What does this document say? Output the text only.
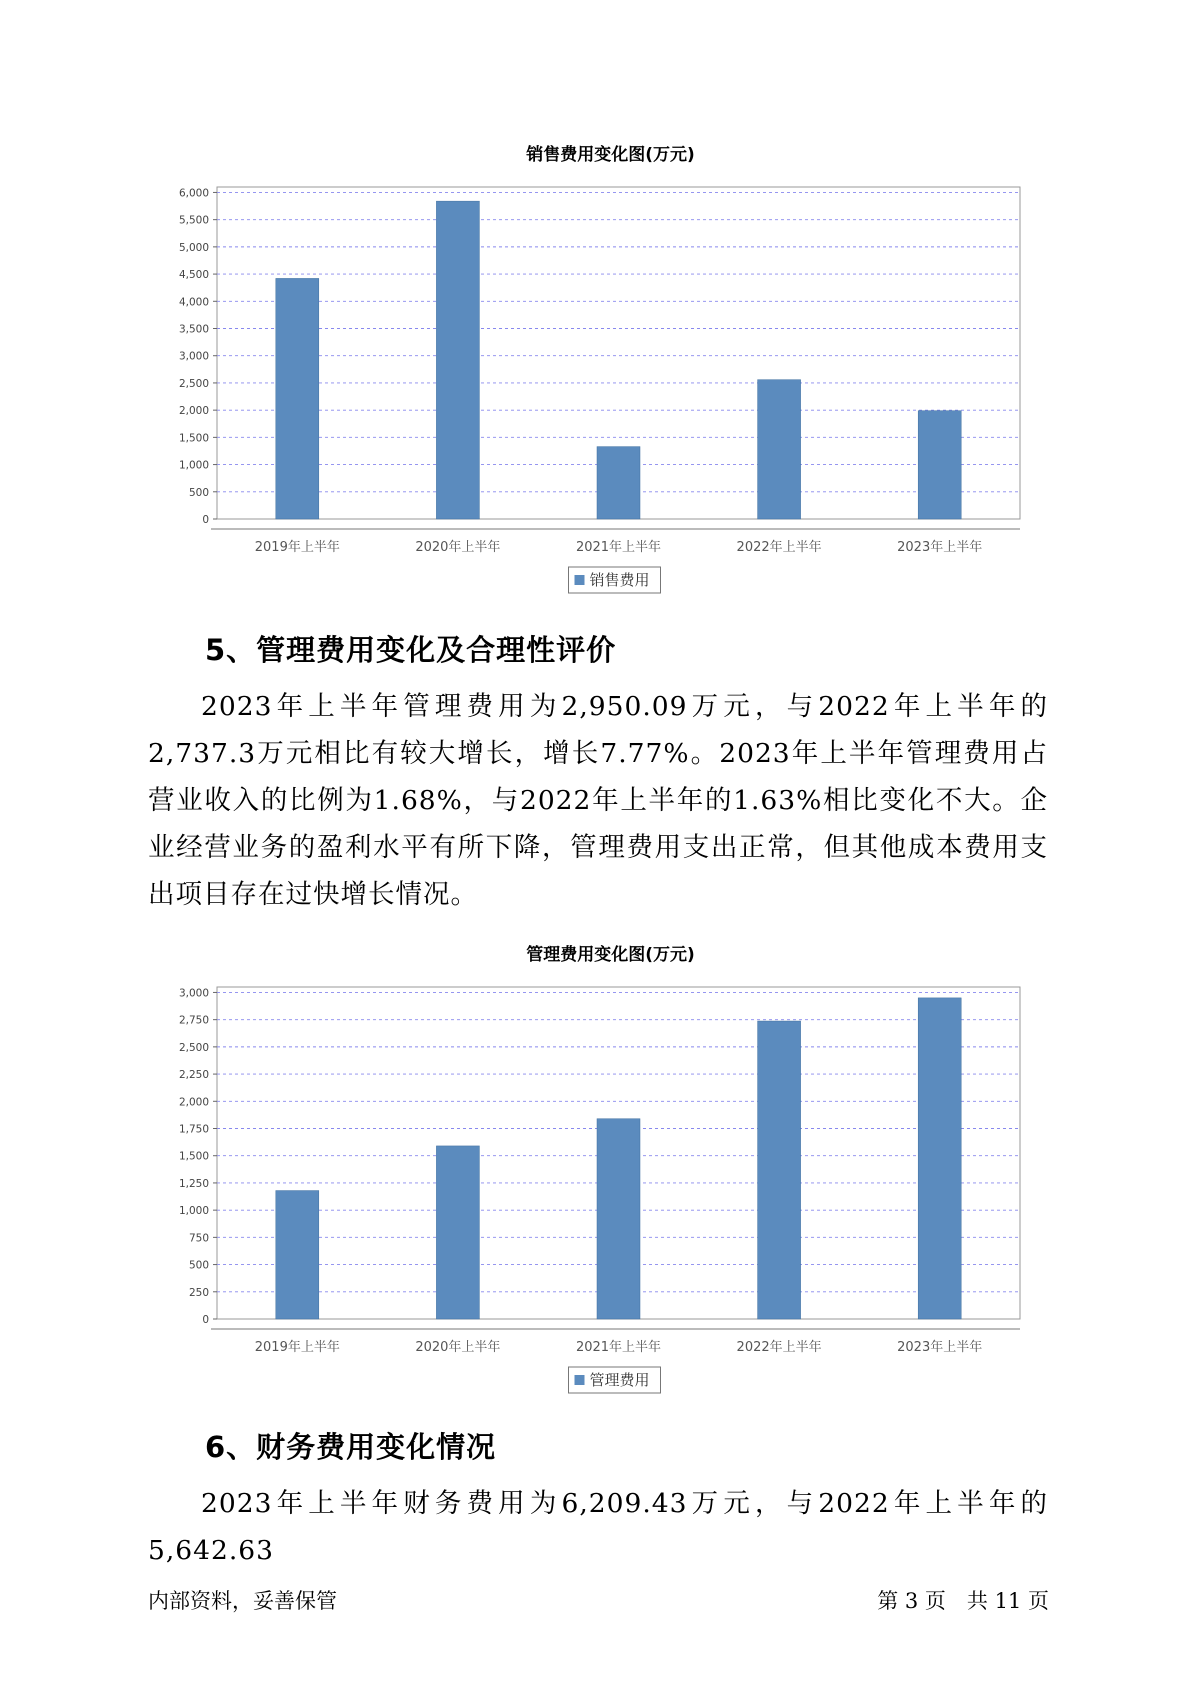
销售费用变化图(万元)
0
500
1,000
1,500
2,000
2,500
3,000
3,500
4,000
4,500
5,000
5,500
6,000
2019年上半年	2020年上半年	2021年上半年	2022年上半年	2023年上半年
销售费用
5、管理费用变化及合理性评价

2023年上半年管理费用为2,950.09万元，与2022年上半年的2,737.3万元相比有较大增长，增长7.77%。2023年上半年管理费用占营业收入的比例为1.68%，与2022年上半年的1.63%相比变化不大。企业经营业务的盈利水平有所下降，管理费用支出正常，但其他成本费用支出项目存在过快增长情况。

管理费用变化图(万元)
0
250
500
750
1,000
1,250
1,500
1,750
2,000
2,250
2,500
2,750
3,000
2019年上半年	2020年上半年	2021年上半年	2022年上半年	2023年上半年
管理费用
6、财务费用变化情况

2023年上半年财务费用为6,209.43万元，与2022年上半年的5,642.63

内部资料，妥善保管	第 3 页　共 11 页
